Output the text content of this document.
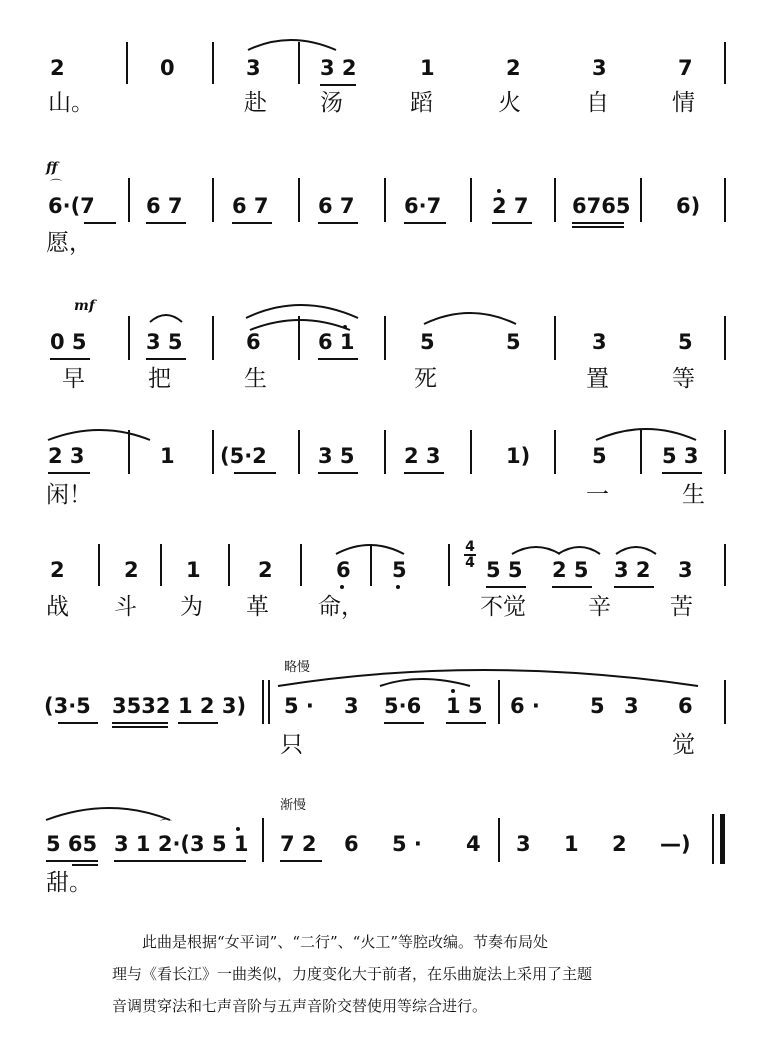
2	0	3	3 2	1	2	3	7
山。	赴 汤	蹈	火	自	情
ff
⌒
6·(7 6 7 6 7 6 7 6·7 2 7 6765 6)
愿，
mf
0 5	3 5	6	6 1	5	5	3	5
早	把	生	死	置	等
2 3	1 (5·2 3 5 2 3	1)	5	5 3
闲！	一	生
2	2 1	2	6 5
4
4 5 5 2 5 3 2 3
战 斗 为 革 命，	不觉	辛	苦
略慢
(3·5 3532 1 2 3) 5 · 3 5·6 1 5 6 · 5 3 6
只	觉
渐慢
⌒
5 65 3 1 2·(3 5 1 7 2 6 5 · 4 3 1 2 —)
甜。
此曲是根据“女平词”、“二行”、“火工”等腔改编。节奏布局处
理与《看长江》一曲类似，力度变化大于前者，在乐曲旋法上采用了主题
音调贯穿法和七声音阶与五声音阶交替使用等综合进行。
